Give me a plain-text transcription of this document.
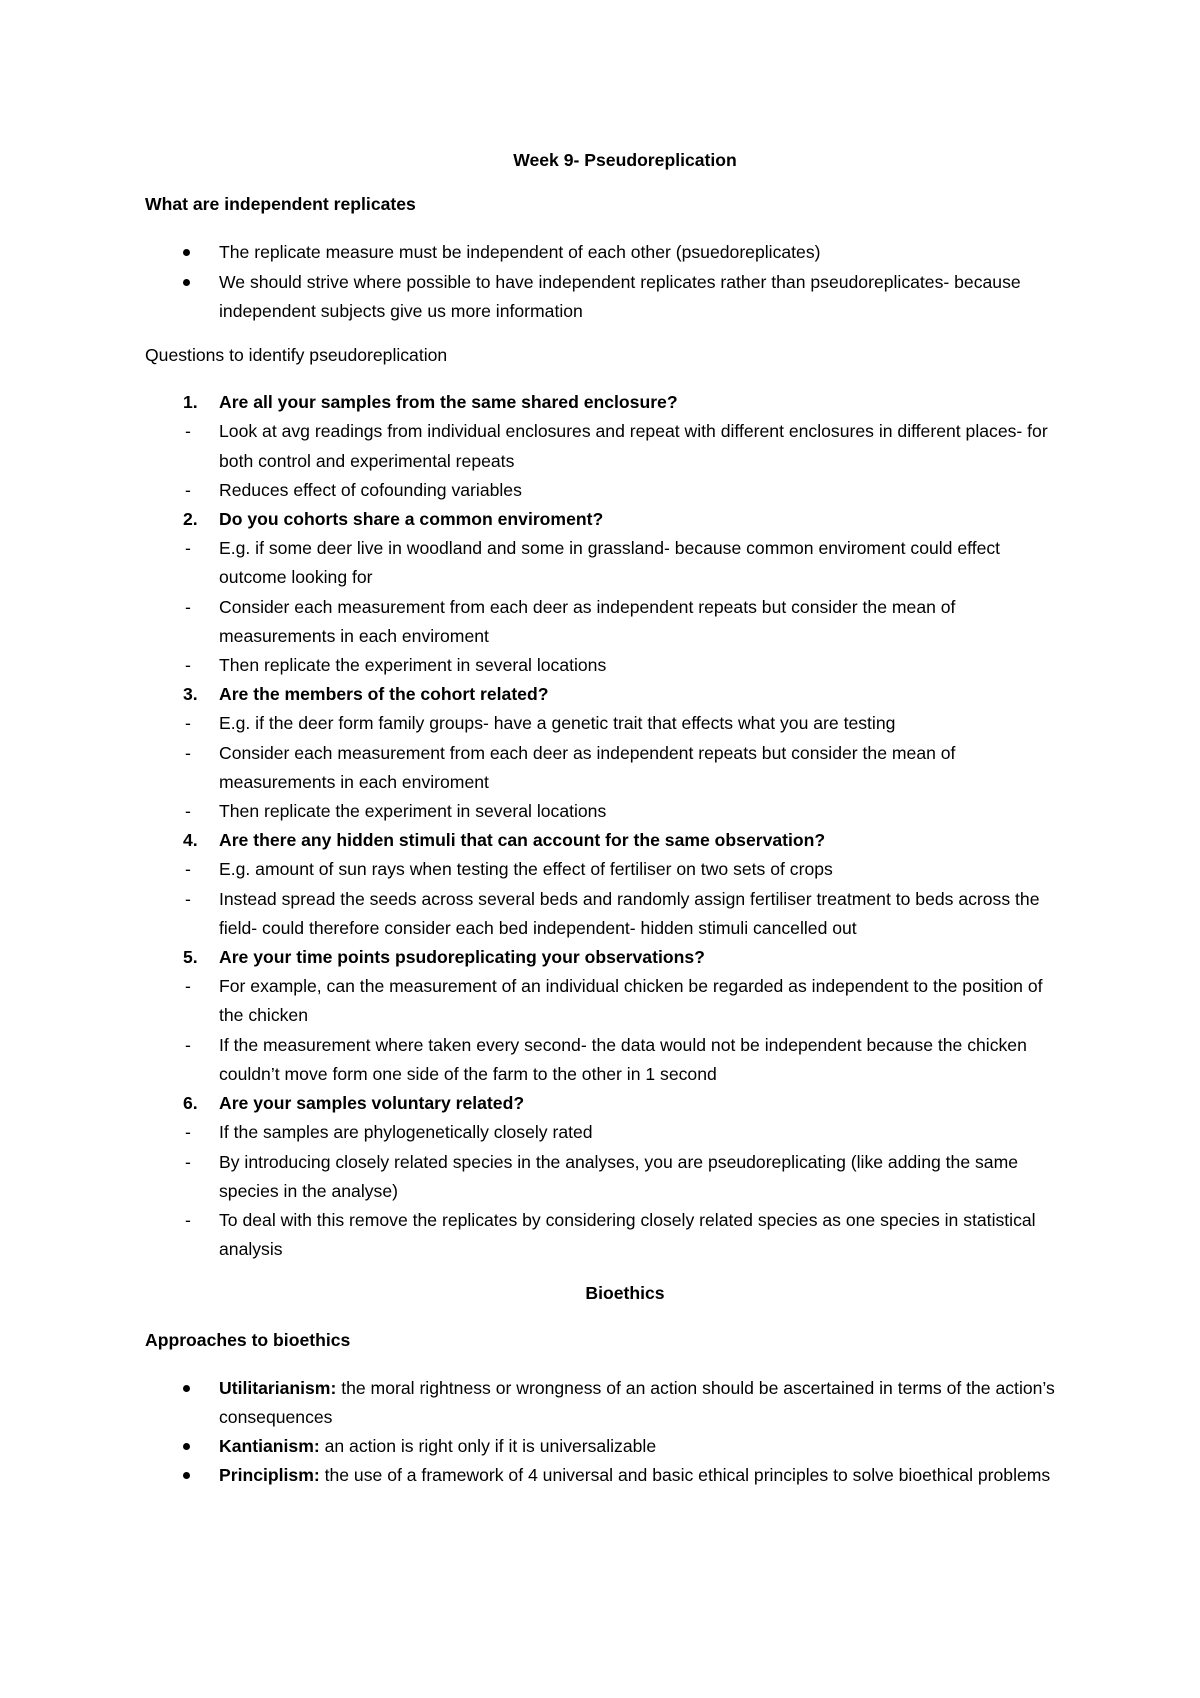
Week 9- Pseudoreplication

What are independent replicates

The replicate measure must be independent of each other (psuedoreplicates)
We should strive where possible to have independent replicates rather than pseudoreplicates- because independent subjects give us more information

Questions to identify pseudoreplication

1. Are all your samples from the same shared enclosure?
- Look at avg readings from individual enclosures and repeat with different enclosures in different places- for both control and experimental repeats
- Reduces effect of cofounding variables
2. Do you cohorts share a common enviroment?
- E.g. if some deer live in woodland and some in grassland- because common enviroment could effect outcome looking for
- Consider each measurement from each deer as independent repeats but consider the mean of measurements in each enviroment
- Then replicate the experiment in several locations
3. Are the members of the cohort related?
- E.g. if the deer form family groups- have a genetic trait that effects what you are testing
- Consider each measurement from each deer as independent repeats but consider the mean of measurements in each enviroment
- Then replicate the experiment in several locations
4. Are there any hidden stimuli that can account for the same observation?
- E.g. amount of sun rays when testing the effect of fertiliser on two sets of crops
- Instead spread the seeds across several beds and randomly assign fertiliser treatment to beds across the field- could therefore consider each bed independent- hidden stimuli cancelled out
5. Are your time points psudoreplicating your observations?
- For example, can the measurement of an individual chicken be regarded as independent to the position of the chicken
- If the measurement where taken every second- the data would not be independent because the chicken couldn’t move form one side of the farm to the other in 1 second
6. Are your samples voluntary related?
- If the samples are phylogenetically closely rated
- By introducing closely related species in the analyses, you are pseudoreplicating (like adding the same species in the analyse)
- To deal with this remove the replicates by considering closely related species as one species in statistical analysis

Bioethics

Approaches to bioethics

Utilitarianism: the moral rightness or wrongness of an action should be ascertained in terms of the action’s consequences
Kantianism: an action is right only if it is universalizable
Principlism: the use of a framework of 4 universal and basic ethical principles to solve bioethical problems
